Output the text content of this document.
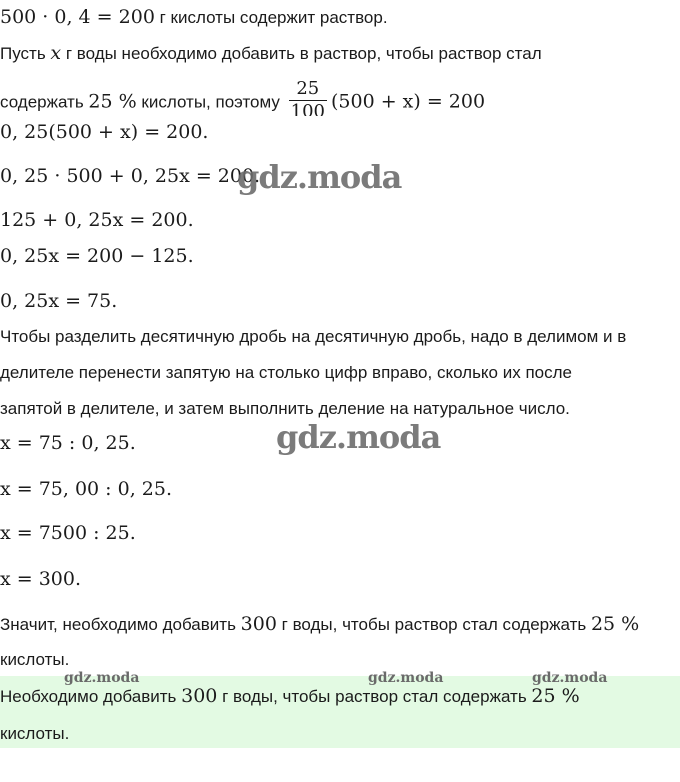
500 · 0, 4 = 200 г кислоты содержит раствор.
Пусть x г воды необходимо добавить в раствор, чтобы раствор стал
содержать 25 % кислоты, поэтому $\frac{25}{100} (500 + x) = 200$
0, 25(500 + x) = 200.
0, 25 · 500 + 0, 25x = 200.
125 + 0, 25x = 200.
0, 25x = 200 − 125.
0, 25x = 75.
Чтобы разделить десятичную дробь на десятичную дробь, надо в делимом и в
делителе перенести запятую на столько цифр вправо, сколько их после
запятой в делителе, и затем выполнить деление на натуральное число.
x = 75 : 0, 25.
x = 75, 00 : 0, 25.
x = 7500 : 25.
x = 300.
Значит, необходимо добавить 300 г воды, чтобы раствор стал содержать 25 %
кислоты.
Необходимо добавить 300 г воды, чтобы раствор стал содержать 25 %
кислоты.
gdz.moda
gdz.moda
gdz.moda	gdz.moda	gdz.moda
